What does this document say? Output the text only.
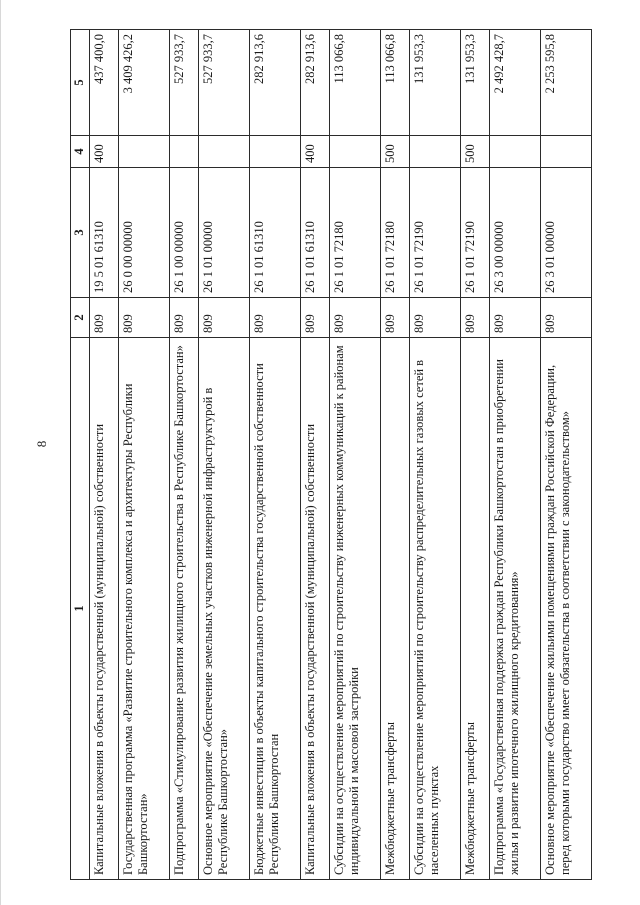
8
1	2	3	4	5
Капитальные вложения в объекты государственной (муниципальной) собственности	809	19 5 01 61310	400	437 400,0
Государственная программа «Развитие строительного комплекса и архитектуры Республики Башкортостан»	809	26 0 00 00000		3 409 426,2
Подпрограмма «Стимулирование развития жилищного строительства в Республике Башкортостан»	809	26 1 00 00000		527 933,7
Основное мероприятие «Обеспечение земельных участков инженерной инфраструктурой в Республике Башкортостан»	809	26 1 01 00000		527 933,7
Бюджетные инвестиции в объекты капитального строительства государственной собственности Республики Башкортостан	809	26 1 01 61310		282 913,6
Капитальные вложения в объекты государственной (муниципальной) собственности	809	26 1 01 61310	400	282 913,6
Субсидии на осуществление мероприятий по строительству инженерных коммуникаций к районам индивидуальной и массовой застройки	809	26 1 01 72180		113 066,8
Межбюджетные трансферты	809	26 1 01 72180	500	113 066,8
Субсидии на осуществление мероприятий по строительству распределительных газовых сетей в населенных пунктах	809	26 1 01 72190		131 953,3
Межбюджетные трансферты	809	26 1 01 72190	500	131 953,3
Подпрограмма «Государственная поддержка граждан Республики Башкортостан в приобретении жилья и развитие ипотечного жилищного кредитования»	809	26 3 00 00000		2 492 428,7
Основное мероприятие «Обеспечение жильими помещениями граждан Российской Федерации, перед которыми государство имеет обязательства в соответствии с законодательством»	809	26 3 01 00000		2 253 595,8
